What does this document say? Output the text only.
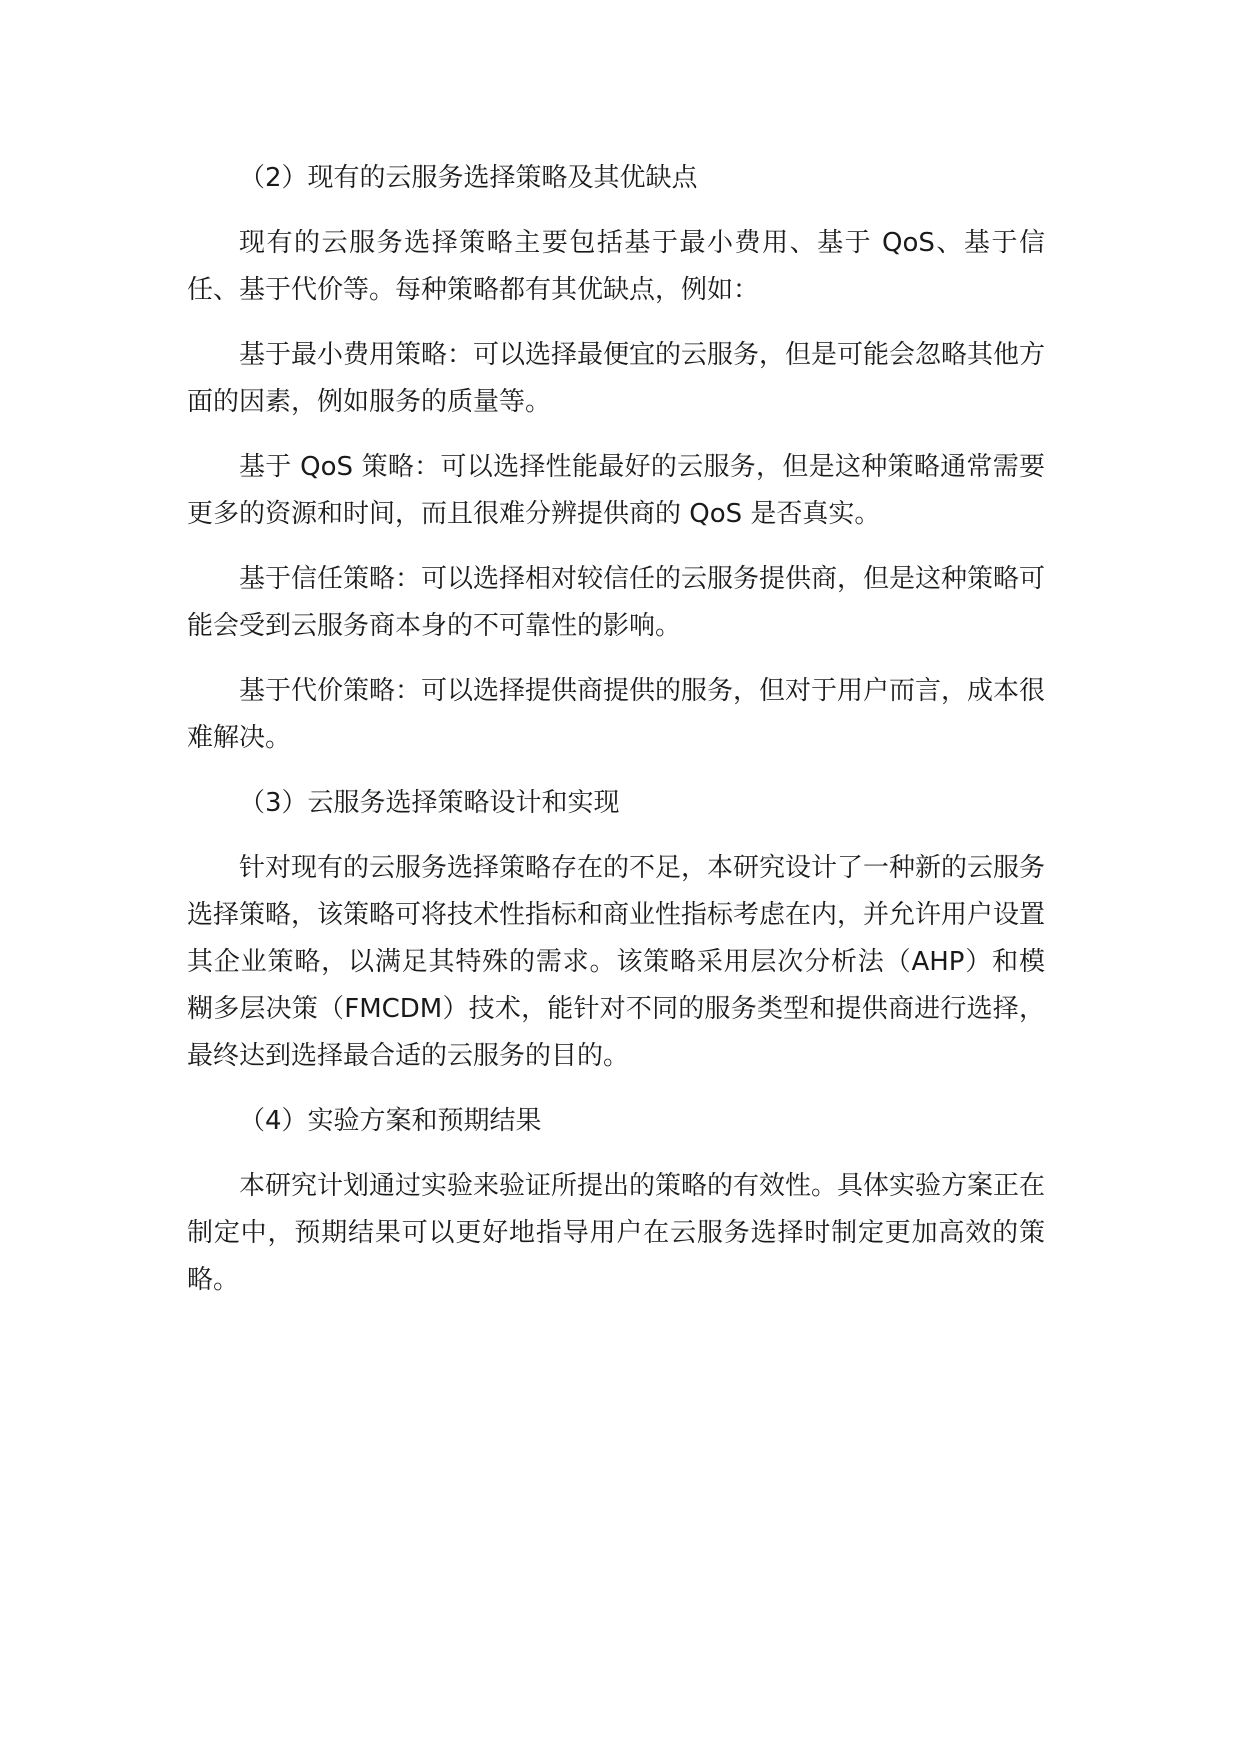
（2）现有的云服务选择策略及其优缺点

现有的云服务选择策略主要包括基于最小费用、基于 QoS、基于信任、基于代价等。每种策略都有其优缺点，例如：

基于最小费用策略：可以选择最便宜的云服务，但是可能会忽略其他方面的因素，例如服务的质量等。

基于 QoS 策略：可以选择性能最好的云服务，但是这种策略通常需要更多的资源和时间，而且很难分辨提供商的 QoS 是否真实。

基于信任策略：可以选择相对较信任的云服务提供商，但是这种策略可能会受到云服务商本身的不可靠性的影响。

基于代价策略：可以选择提供商提供的服务，但对于用户而言，成本很难解决。

（3）云服务选择策略设计和实现

针对现有的云服务选择策略存在的不足，本研究设计了一种新的云服务选择策略，该策略可将技术性指标和商业性指标考虑在内，并允许用户设置其企业策略，以满足其特殊的需求。该策略采用层次分析法（AHP）和模糊多层决策（FMCDM）技术，能针对不同的服务类型和提供商进行选择，最终达到选择最合适的云服务的目的。

（4）实验方案和预期结果

本研究计划通过实验来验证所提出的策略的有效性。具体实验方案正在制定中，预期结果可以更好地指导用户在云服务选择时制定更加高效的策略。
